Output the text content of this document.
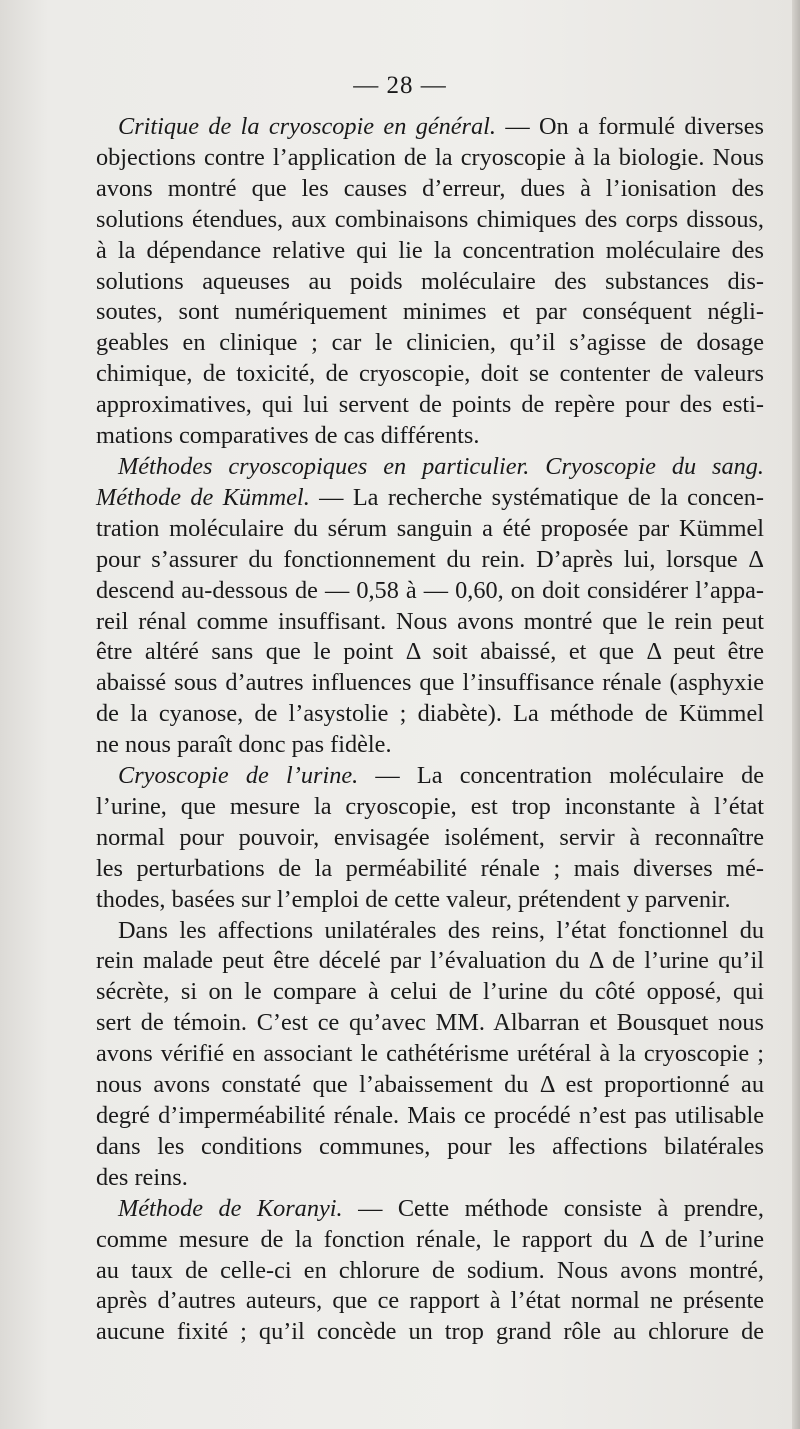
— 28 —
Critique de la cryoscopie en général. — On a formulé diverses
objections contre l’application de la cryoscopie à la biologie. Nous
avons montré que les causes d’erreur, dues à l’ionisation des
solutions étendues, aux combinaisons chimiques des corps dissous,
à la dépendance relative qui lie la concentration moléculaire des
solutions aqueuses au poids moléculaire des substances dis-
soutes, sont numériquement minimes et par conséquent négli-
geables en clinique ; car le clinicien, qu’il s’agisse de dosage
chimique, de toxicité, de cryoscopie, doit se contenter de valeurs
approximatives, qui lui servent de points de repère pour des esti-
mations comparatives de cas différents.
Méthodes cryoscopiques en particulier. Cryoscopie du sang.
Méthode de Kümmel. — La recherche systématique de la concen-
tration moléculaire du sérum sanguin a été proposée par Kümmel
pour s’assurer du fonctionnement du rein. D’après lui, lorsque Δ
descend au-dessous de — 0,58 à — 0,60, on doit considérer l’appa-
reil rénal comme insuffisant. Nous avons montré que le rein peut
être altéré sans que le point Δ soit abaissé, et que Δ peut être
abaissé sous d’autres influences que l’insuffisance rénale (asphyxie
de la cyanose, de l’asystolie ; diabète). La méthode de Kümmel
ne nous paraît donc pas fidèle.
Cryoscopie de l’urine. — La concentration moléculaire de
l’urine, que mesure la cryoscopie, est trop inconstante à l’état
normal pour pouvoir, envisagée isolément, servir à reconnaître
les perturbations de la perméabilité rénale ; mais diverses mé-
thodes, basées sur l’emploi de cette valeur, prétendent y parvenir.
Dans les affections unilatérales des reins, l’état fonctionnel du
rein malade peut être décelé par l’évaluation du Δ de l’urine qu’il
sécrète, si on le compare à celui de l’urine du côté opposé, qui
sert de témoin. C’est ce qu’avec MM. Albarran et Bousquet nous
avons vérifié en associant le cathétérisme urétéral à la cryoscopie ;
nous avons constaté que l’abaissement du Δ est proportionné au
degré d’imperméabilité rénale. Mais ce procédé n’est pas utilisable
dans les conditions communes, pour les affections bilatérales
des reins.
Méthode de Koranyi. — Cette méthode consiste à prendre,
comme mesure de la fonction rénale, le rapport du Δ de l’urine
au taux de celle-ci en chlorure de sodium. Nous avons montré,
après d’autres auteurs, que ce rapport à l’état normal ne présente
aucune fixité ; qu’il concède un trop grand rôle au chlorure de
